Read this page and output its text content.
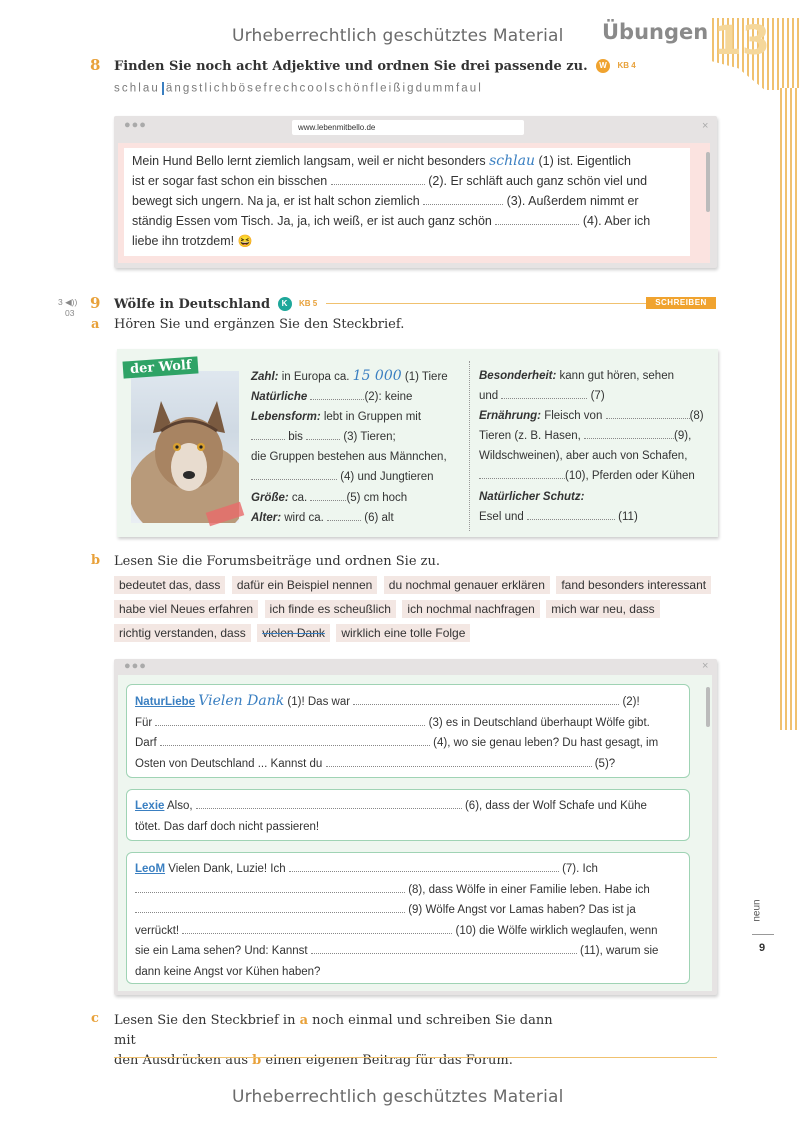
Urheberrechtlich geschütztes Material Übungen 13
neun
9
8 Finden Sie noch acht Adjektive und ordnen Sie drei passende zu. W KB 4
schlau ängstlichbösefrechcoolschönfleißigdummfaul
●●●	www.lebenmitbello.de	×
Mein Hund Bello lernt ziemlich langsam, weil er nicht besonders schlau (1) ist. Eigentlich
ist er sogar fast schon ein bisschen	(2). Er schläft auch ganz schön viel und
bewegt sich ungern. Na ja, er ist halt schon ziemlich	(3). Außerdem nimmt er
ständig Essen vom Tisch. Ja, ja, ich weiß, er ist auch ganz schön	(4). Aber ich
liebe ihn trotzdem! 😆
3 ◀))
03
9 Wölfe in Deutschland K KB 5	SCHREIBEN
a Hören Sie und ergänzen Sie den Steckbrief.
der Wolf	Zahl: in Europa ca. 15 000 (1) Tiere
Natürliche	(2): keine
Lebensform: lebt in Gruppen mit
bis	(3) Tieren;
die Gruppen bestehen aus Männchen,
(4) und Jungtieren
Größe: ca.	(5) cm hoch
Alter: wird ca.	(6) alt
Besonderheit: kann gut hören, sehen
und	(7)
Ernährung: Fleisch von	(8)
Tieren (z. B. Hasen,	(9),
Wildschweinen), aber auch von Schafen,
(10), Pferden oder Kühen
Natürlicher Schutz:
Esel und	(11)
b Lesen Sie die Forumsbeiträge und ordnen Sie zu.
bedeutet das, dass dafür ein Beispiel nennen du nochmal genauer erklären fand besonders interessant
habe viel Neues erfahren ich finde es scheußlich ich nochmal nachfragen mich war neu, dass
richtig verstanden, dass vielen Dank wirklich eine tolle Folge
●●●	×
NaturLiebe Vielen Dank (1)! Das war	(2)!
Für	(3) es in Deutschland überhaupt Wölfe gibt.
Darf	(4), wo sie genau leben? Du hast gesagt, im
Osten von Deutschland ... Kannst du	(5)?
Lexie Also,	(6), dass der Wolf Schafe und Kühe
tötet. Das darf doch nicht passieren!
LeoM Vielen Dank, Luzie! Ich	(7). Ich
(8), dass Wölfe in einer Familie leben. Habe ich
(9) Wölfe Angst vor Lamas haben? Das ist ja
verrückt!	(10) die Wölfe wirklich weglaufen, wenn
sie ein Lama sehen? Und: Kannst	(11), warum sie
dann keine Angst vor Kühen haben?
c Lesen Sie den Steckbrief in a noch einmal und schreiben Sie dann mit
den Ausdrücken aus b einen eigenen Beitrag für das Forum.
Urheberrechtlich geschütztes Material
